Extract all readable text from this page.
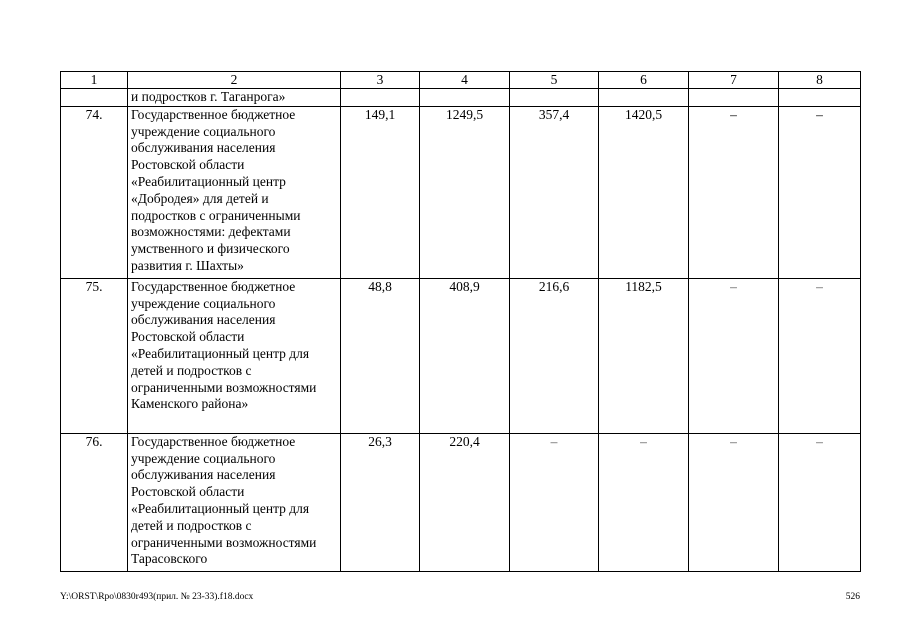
1	2	3	4	5	6	7	8
	и подростков г. Таганрога»						
74.	Государственное бюджетное учреждение социального обслуживания населения Ростовской области «Реабилитационный центр «Добродея» для детей и подростков с ограниченными возможностями: дефектами умственного и физического развития г. Шахты»	149,1	1249,5	357,4	1420,5	–	–
75.	Государственное бюджетное учреждение социального обслуживания населения Ростовской области «Реабилитационный центр для детей и подростков с ограниченными возможностями Каменского района»	48,8	408,9	216,6	1182,5	–	–
76.	Государственное бюджетное учреждение социального обслуживания населения Ростовской области «Реабилитационный центр для детей и подростков с ограниченными возможностями Тарасовского	26,3	220,4	–	–	–	–
Y:\ORST\Rpo\0830r493(прил. № 23-33).f18.docx	526
